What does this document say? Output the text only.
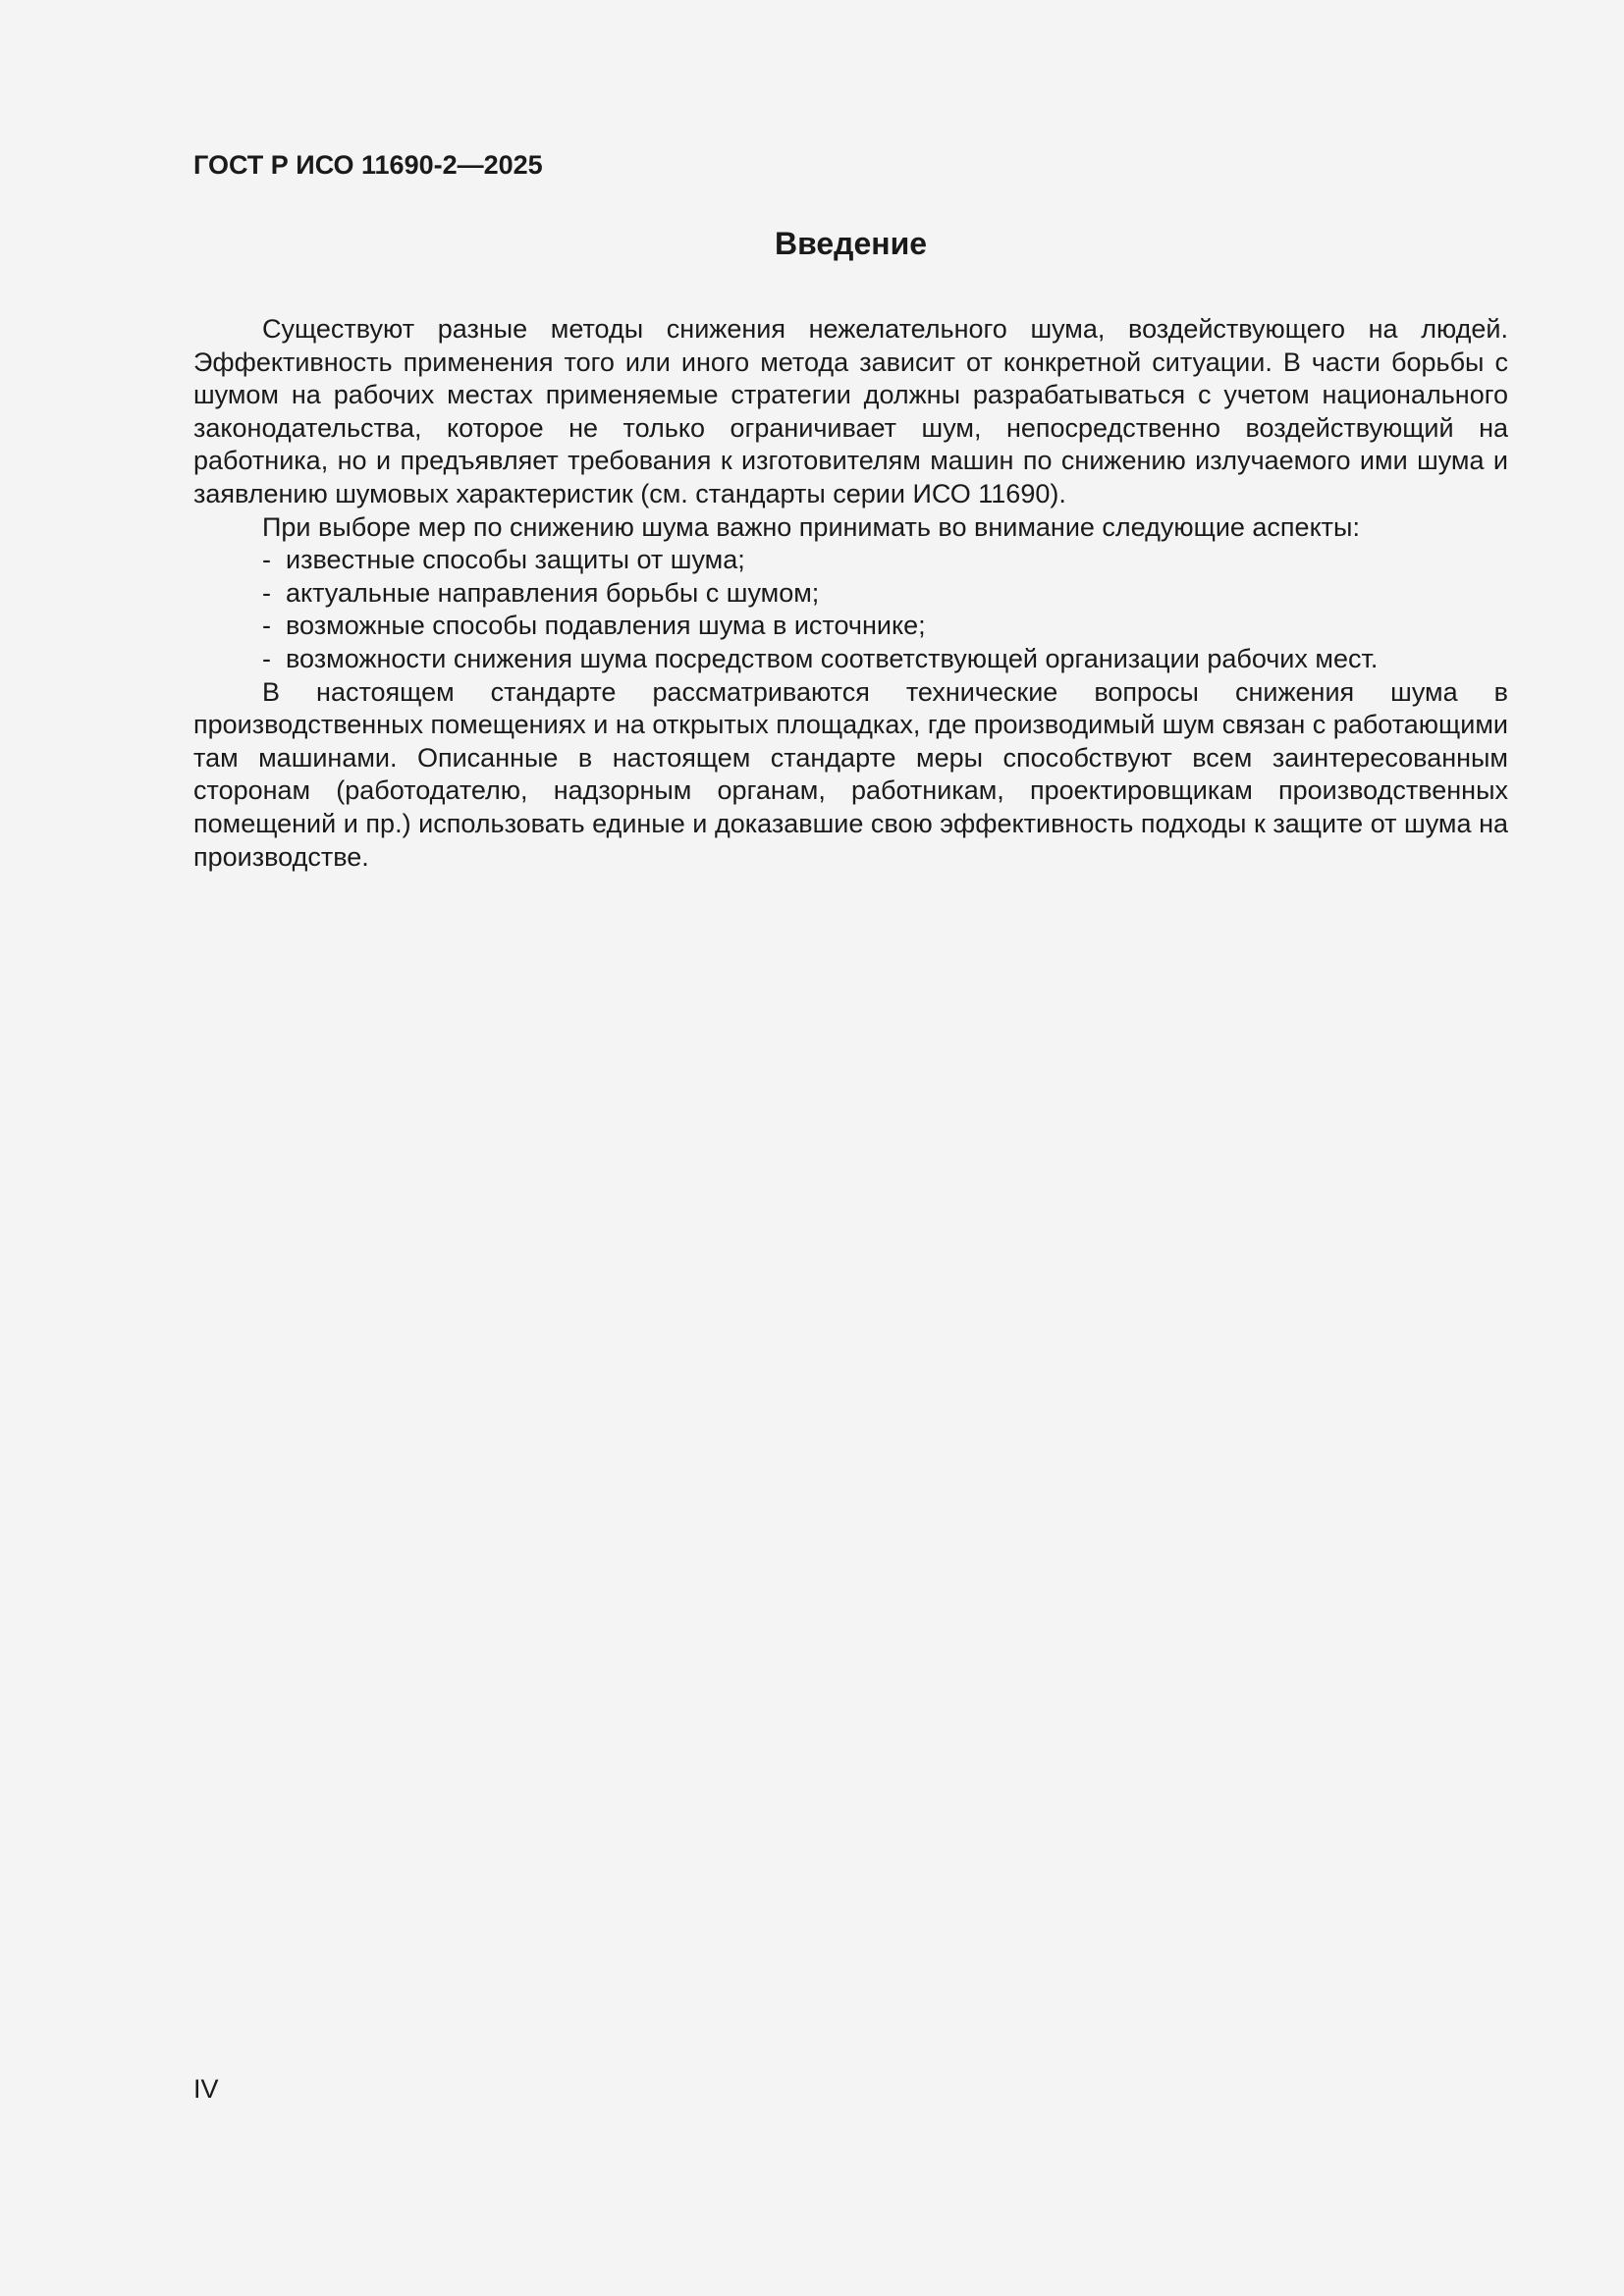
ГОСТ Р ИСО 11690-2—2025
Введение

Существуют разные методы снижения нежелательного шума, воздействующего на людей. Эффективность применения того или иного метода зависит от конкретной ситуации. В части борьбы с шумом на рабочих местах применяемые стратегии должны разрабатываться с учетом национального законодательства, которое не только ограничивает шум, непосредственно воздействующий на работника, но и предъявляет требования к изготовителям машин по снижению излучаемого ими шума и заявлению шумовых характеристик (см. стандарты серии ИСО 11690).

При выборе мер по снижению шума важно принимать во внимание следующие аспекты:

- известные способы защиты от шума;
- актуальные направления борьбы с шумом;
- возможные способы подавления шума в источнике;
- возможности снижения шума посредством соответствующей организации рабочих мест.

В настоящем стандарте рассматриваются технические вопросы снижения шума в производственных помещениях и на открытых площадках, где производимый шум связан с работающими там машинами. Описанные в настоящем стандарте меры способствуют всем заинтересованным сторонам (работодателю, надзорным органам, работникам, проектировщикам производственных помещений и пр.) использовать единые и доказавшие свою эффективность подходы к защите от шума на производстве.

IV
